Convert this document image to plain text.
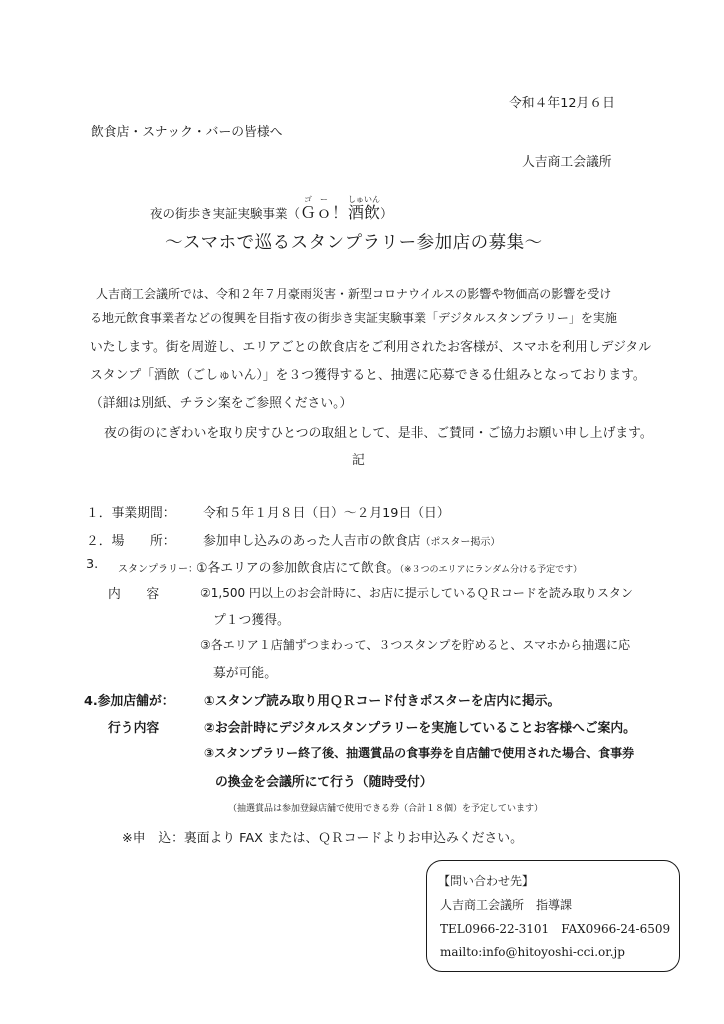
令和４年12月６日
飲食店・スナック・バーの皆様へ
人吉商工会議所
夜の街歩き実証実験事業（Ｇｏゴー！酒飲しゅいん）
～スマホで巡るスタンプラリー参加店の募集～
人吉商工会議所では、令和２年７月豪雨災害・新型コロナウイルスの影響や物価高の影響を受け
る地元飲食事業者などの復興を目指す夜の街歩き実証実験事業「デジタルスタンプラリー」を実施
いたします。街を周遊し、エリアごとの飲食店をご利用されたお客様が、スマホを利用しデジタル
スタンプ「酒飲（ごしゅいん）」を３つ獲得すると、抽選に応募できる仕組みとなっております。
（詳細は別紙、チラシ案をご参照ください。）
夜の街のにぎわいを取り戻すひとつの取組として、是非、ご賛同・ご協力お願い申し上げます。
記
１．事業期間： 令和５年１月８日（日）～２月19日（日）
２．場　　所： 参加申し込みのあった人吉市の飲食店（ポスター掲示）
3. スタンプラリー：
①各エリアの参加飲食店にて飲食。（※３つのエリアにランダム分ける予定です）
内　　容	②1,500 円以上のお会計時に、お店に提示しているＱＲコードを読み取りスタン
プ１つ獲得。
③各エリア１店舗ずつまわって、３つスタンプを貯めると、スマホから抽選に応
募が可能。
4.参加店舗が： ①スタンプ読み取り用ＱＲコード付きポスターを店内に掲示。
行う内容	②お会計時にデジタルスタンプラリーを実施していることお客様へご案内。
③スタンプラリー終了後、抽選賞品の食事券を自店舗で使用された場合、食事券
の換金を会議所にて行う（随時受付）
（抽選賞品は参加登録店舗で使用できる券（合計１８個）を予定しています）
※申　込：裏面より FAX または、ＱＲコードよりお申込みください。
【問い合わせ先】
人吉商工会議所　指導課
TEL0966-22-3101　FAX0966-24-6509
mailto:info@hitoyoshi-cci.or.jp
